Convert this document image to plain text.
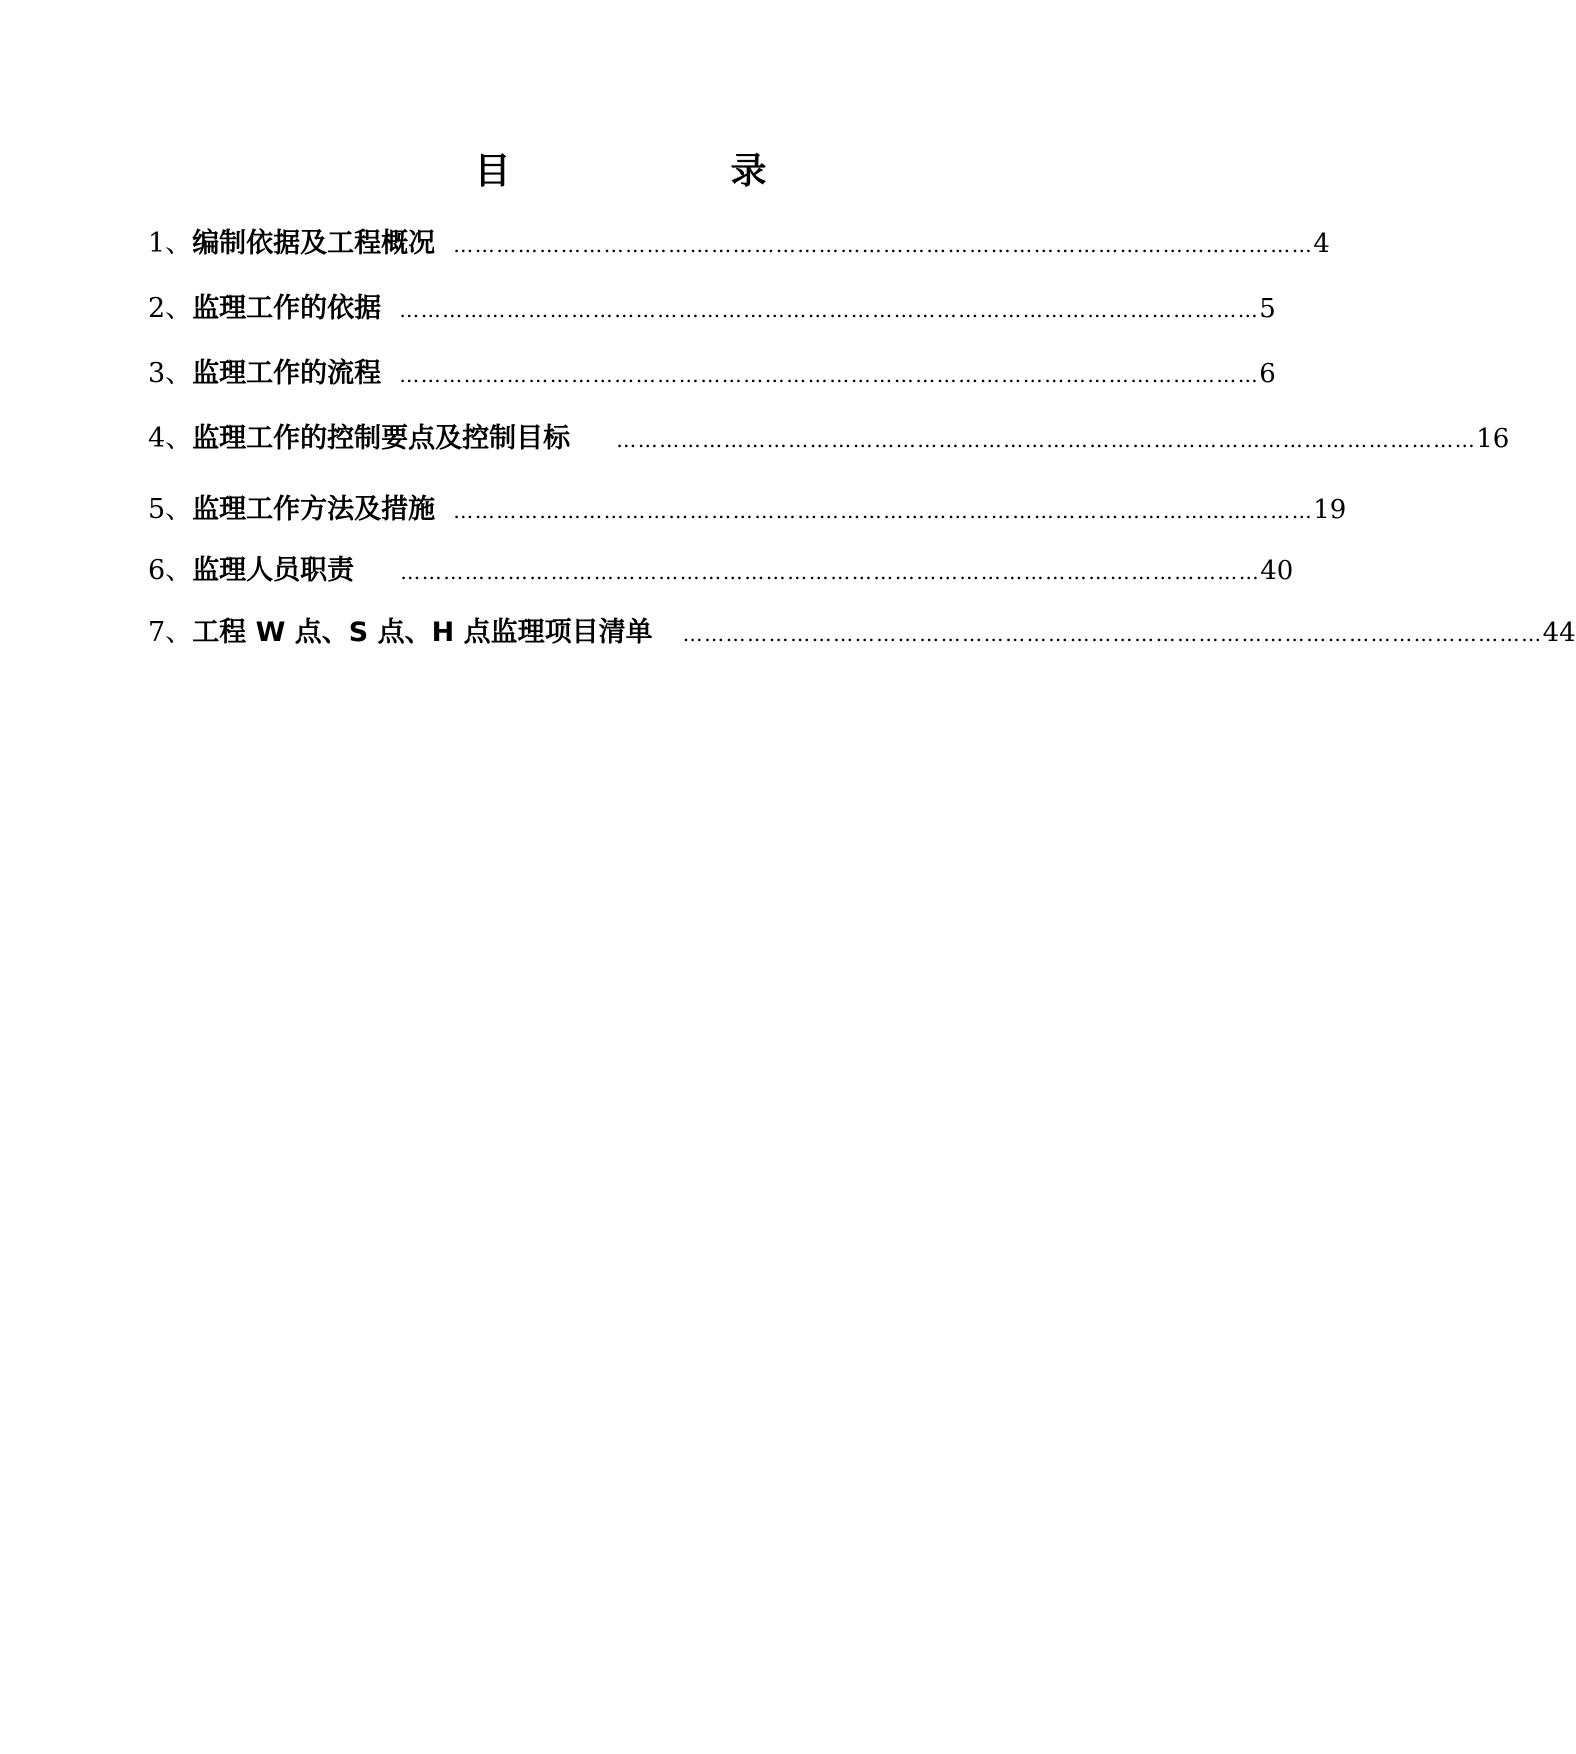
目　录
1、 编制依据及工程概况 ………………………………………………………………………………………………………… 4
2、 监理工作的依据 ………………………………………………………………………………………………………… 5
3、 监理工作的流程 ………………………………………………………………………………………………………… 6
4、 监理工作的控制要点及控制目标 ………………………………………………………………………………………………………… 16
5、 监理工作方法及措施 ………………………………………………………………………………………………………… 19
6、 监理人员职责 ………………………………………………………………………………………………………… 40
7、 工程 W 点、S 点、H 点监理项目清单 ………………………………………………………………………………………………………… 44
